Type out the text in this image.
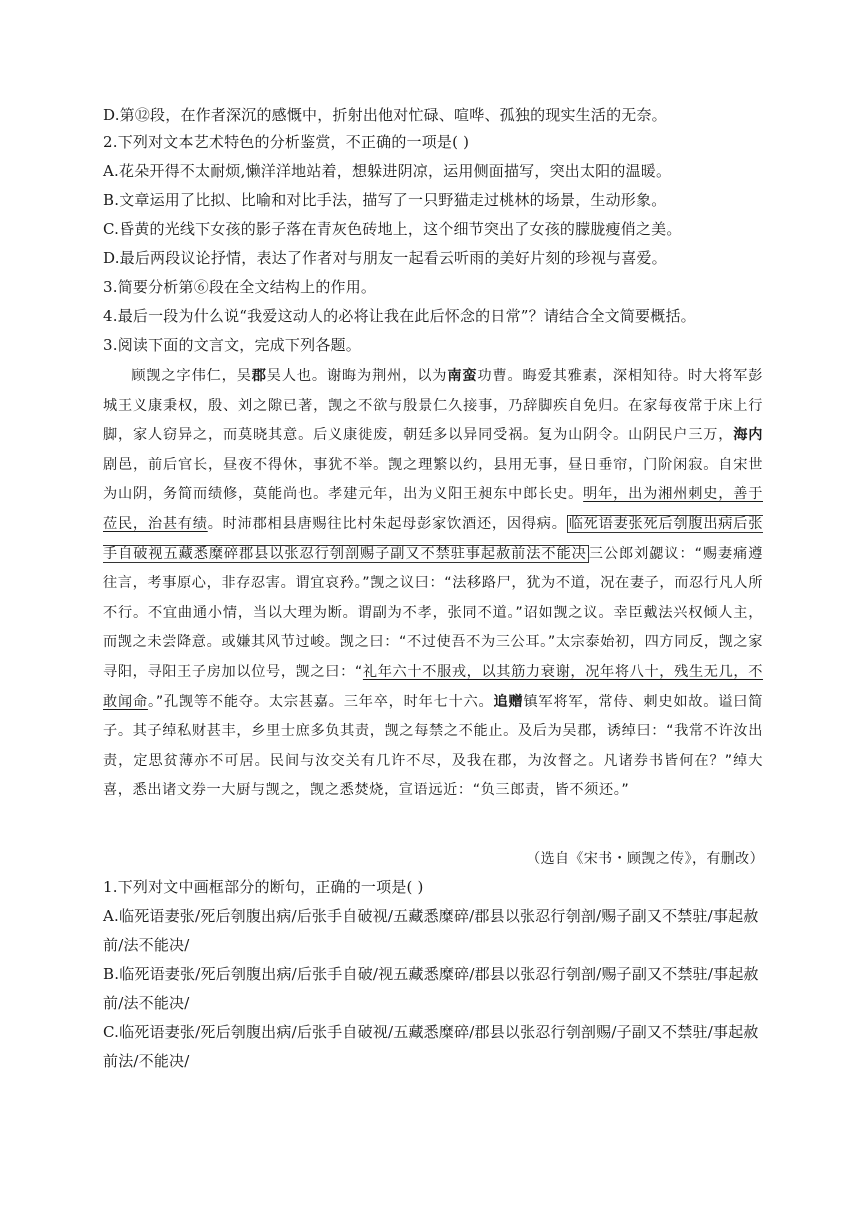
D.第⑫段，在作者深沉的感慨中，折射出他对忙碌、喧哗、孤独的现实生活的无奈。
2.下列对文本艺术特色的分析鉴赏，不正确的一项是( )
A.花朵开得不太耐烦,懒洋洋地站着，想躲进阴凉，运用侧面描写，突出太阳的温暖。
B.文章运用了比拟、比喻和对比手法，描写了一只野猫走过桃林的场景，生动形象。
C.昏黄的光线下女孩的影子落在青灰色砖地上，这个细节突出了女孩的朦胧瘦俏之美。
D.最后两段议论抒情，表达了作者对与朋友一起看云听雨的美好片刻的珍视与喜爱。
3.简要分析第⑥段在全文结构上的作用。
4.最后一段为什么说“我爱这动人的必将让我在此后怀念的日常”？请结合全文简要概括。
3.阅读下面的文言文，完成下列各题。

顾觊之字伟仁，吴郡吴人也。谢晦为荆州，以为南蛮功曹。晦爱其雅素，深相知待。时大将军彭城王义康秉权，殷、刘之隙已著，觊之不欲与殷景仁久接事，乃辞脚疾自免归。在家每夜常于床上行脚，家人窃异之，而莫晓其意。后义康徙废，朝廷多以异同受祸。复为山阴令。山阴民户三万，海内剧邑，前后官长，昼夜不得休，事犹不举。觊之理繁以约，县用无事，昼日垂帘，门阶闲寂。自宋世为山阴，务简而绩修，莫能尚也。孝建元年，出为义阳王昶东中郎长史。明年，出为湘州刺史，善于莅民，治甚有绩。时沛郡相县唐赐往比村朱起母彭家饮酒还，因得病。 临死语妻张死后刳腹出病后张手自破视五藏悉糜碎郡县以张忍行刳剖赐子副又不禁驻事起赦前法不能决 三公郎刘勰议：“赐妻痛遵往言，考事原心，非存忍害。谓宜哀矜。”觊之议曰：“法移路尸，犹为不道，况在妻子，而忍行凡人所不行。不宜曲通小情，当以大理为断。谓副为不孝，张同不道。”诏如觊之议。幸臣戴法兴权倾人主，而觊之未尝降意。或嫌其风节过峻。觊之曰：“不过使吾不为三公耳。”太宗泰始初，四方同反，觊之家寻阳，寻阳王子房加以位号，觊之曰：“礼年六十不服戎，以其筋力衰谢，况年将八十，残生无几，不敢闻命。”孔觊等不能夺。太宗甚嘉。三年卒，时年七十六。追赠镇军将军，常侍、刺史如故。谥曰简子。其子绰私财甚丰，乡里士庶多负其责，觊之每禁之不能止。及后为吴郡，诱绰曰：“我常不许汝出责，定思贫薄亦不可居。民间与汝交关有几许不尽，及我在郡，为汝督之。凡诸券书皆何在？”绰大喜，悉出诸文券一大厨与觊之，觊之悉焚烧，宣语远近：“负三郎责，皆不须还。”

（选自《宋书・顾觊之传》，有删改）
1.下列对文中画框部分的断句，正确的一项是( )
A.临死语妻张/死后刳腹出病/后张手自破视/五藏悉糜碎/郡县以张忍行刳剖/赐子副又不禁驻/事起赦
前/法不能决/
B.临死语妻张/死后刳腹出病/后张手自破/视五藏悉糜碎/郡县以张忍行刳剖/赐子副又不禁驻/事起赦
前/法不能决/
C.临死语妻张/死后刳腹出病/后张手自破视/五藏悉糜碎/郡县以张忍行刳剖赐/子副又不禁驻/事起赦
前法/不能决/
